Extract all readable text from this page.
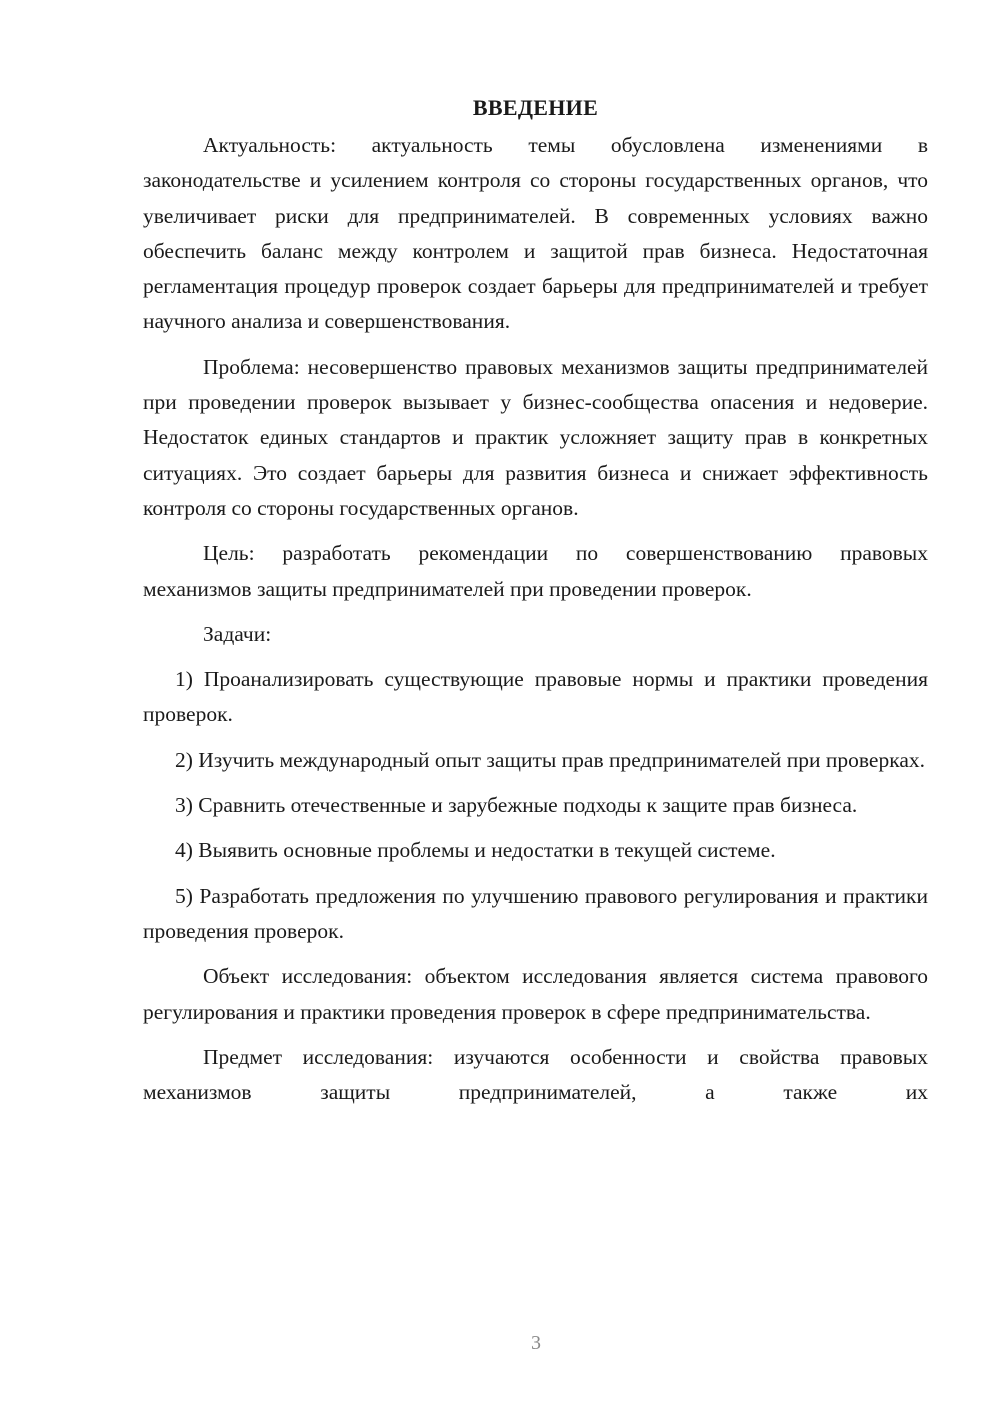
ВВЕДЕНИЕ

Актуальность: актуальность темы обусловлена изменениями в законодательстве и усилением контроля со стороны государственных органов, что увеличивает риски для предпринимателей. В современных условиях важно обеспечить баланс между контролем и защитой прав бизнеса. Недостаточная регламентация процедур проверок создает барьеры для предпринимателей и требует научного анализа и совершенствования.

Проблема: несовершенство правовых механизмов защиты предпринимателей при проведении проверок вызывает у бизнес-сообщества опасения и недоверие. Недостаток единых стандартов и практик усложняет защиту прав в конкретных ситуациях. Это создает барьеры для развития бизнеса и снижает эффективность контроля со стороны государственных органов.

Цель: разработать рекомендации по совершенствованию правовых механизмов защиты предпринимателей при проведении проверок.

Задачи:

1) Проанализировать существующие правовые нормы и практики проведения проверок.

2) Изучить международный опыт защиты прав предпринимателей при проверках.

3) Сравнить отечественные и зарубежные подходы к защите прав бизнеса.

4) Выявить основные проблемы и недостатки в текущей системе.

5) Разработать предложения по улучшению правового регулирования и практики проведения проверок.

Объект исследования: объектом исследования является система правового регулирования и практики проведения проверок в сфере предпринимательства.

Предмет исследования: изучаются особенности и свойства правовых механизмов защиты предпринимателей, а также их

3
